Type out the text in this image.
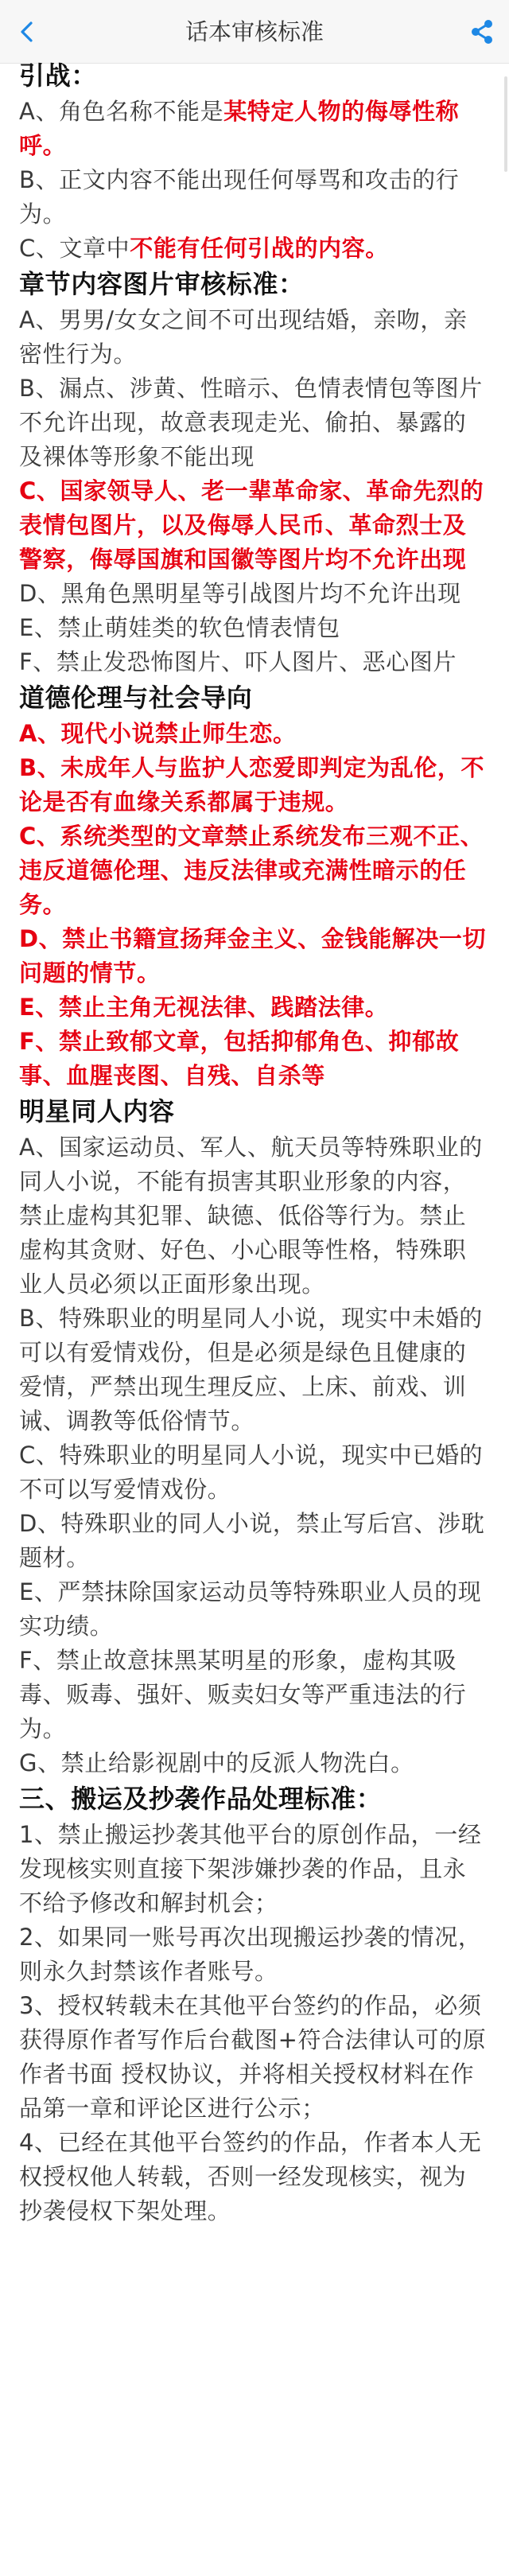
话本审核标准
引战：
A、角色名称不能是某特定人物的侮辱性称呼。
B、正文内容不能出现任何辱骂和攻击的行为。
C、文章中不能有任何引战的内容。
章节内容图片审核标准：
A、男男/女女之间不可出现结婚，亲吻，亲密性行为。
B、漏点、涉黄、性暗示、色情表情包等图片不允许出现，故意表现走光、偷拍、暴露的及裸体等形象不能出现
C、国家领导人、老一辈革命家、革命先烈的表情包图片，以及侮辱人民币、革命烈士及警察，侮辱国旗和国徽等图片均不允许出现
D、黑角色黑明星等引战图片均不允许出现
E、禁止萌娃类的软色情表情包
F、禁止发恐怖图片、吓人图片、恶心图片
道德伦理与社会导向
A、现代小说禁止师生恋。
B、未成年人与监护人恋爱即判定为乱伦，不论是否有血缘关系都属于违规。
C、系统类型的文章禁止系统发布三观不正、违反道德伦理、违反法律或充满性暗示的任务。
D、禁止书籍宣扬拜金主义、金钱能解决一切问题的情节。
E、禁止主角无视法律、践踏法律。
F、禁止致郁文章，包括抑郁角色、抑郁故事、血腥丧图、自残、自杀等
明星同人内容
A、国家运动员、军人、航天员等特殊职业的同人小说，不能有损害其职业形象的内容，禁止虚构其犯罪、缺德、低俗等行为。禁止虚构其贪财、好色、小心眼等性格，特殊职业人员必须以正面形象出现。
B、特殊职业的明星同人小说，现实中未婚的可以有爱情戏份，但是必须是绿色且健康的爱情，严禁出现生理反应、上床、前戏、训诫、调教等低俗情节。
C、特殊职业的明星同人小说，现实中已婚的不可以写爱情戏份。
D、特殊职业的同人小说，禁止写后宫、涉耽题材。
E、严禁抹除国家运动员等特殊职业人员的现实功绩。
F、禁止故意抹黑某明星的形象，虚构其吸毒、贩毒、强奸、贩卖妇女等严重违法的行为。
G、禁止给影视剧中的反派人物洗白。
三、搬运及抄袭作品处理标准：
1、禁止搬运抄袭其他平台的原创作品，一经发现核实则直接下架涉嫌抄袭的作品，且永不给予修改和解封机会；
2、如果同一账号再次出现搬运抄袭的情况，则永久封禁该作者账号。
3、授权转载未在其他平台签约的作品，必须获得原作者写作后台截图+符合法律认可的原作者书面 授权协议，并将相关授权材料在作品第一章和评论区进行公示；
4、已经在其他平台签约的作品，作者本人无权授权他人转载，否则一经发现核实，视为抄袭侵权下架处理。
